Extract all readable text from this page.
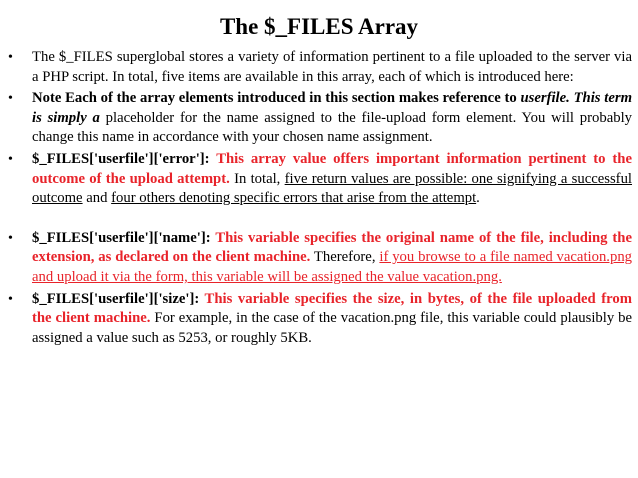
The $_FILES Array
•	The $_FILES superglobal stores a variety of information pertinent to a file uploaded to the server via a PHP script. In total, five items are available in this array, each of which is introduced here:
•	Note Each of the array elements introduced in this section makes reference to userfile. This term is simply a placeholder for the name assigned to the file-upload form element. You will probably change this name in accordance with your chosen name assignment.
•	$_FILES['userfile']['error']: This array value offers important information pertinent to the outcome of the upload attempt. In total, five return values are possible: one signifying a successful outcome and four others denoting specific errors that arise from the attempt.
•	$_FILES['userfile']['name']: This variable specifies the original name of the file, including the extension, as declared on the client machine. Therefore, if you browse to a file named vacation.png and upload it via the form, this variable will be assigned the value vacation.png.
•	$_FILES['userfile']['size']: This variable specifies the size, in bytes, of the file uploaded from the client machine. For example, in the case of the vacation.png file, this variable could plausibly be assigned a value such as 5253, or roughly 5KB.
